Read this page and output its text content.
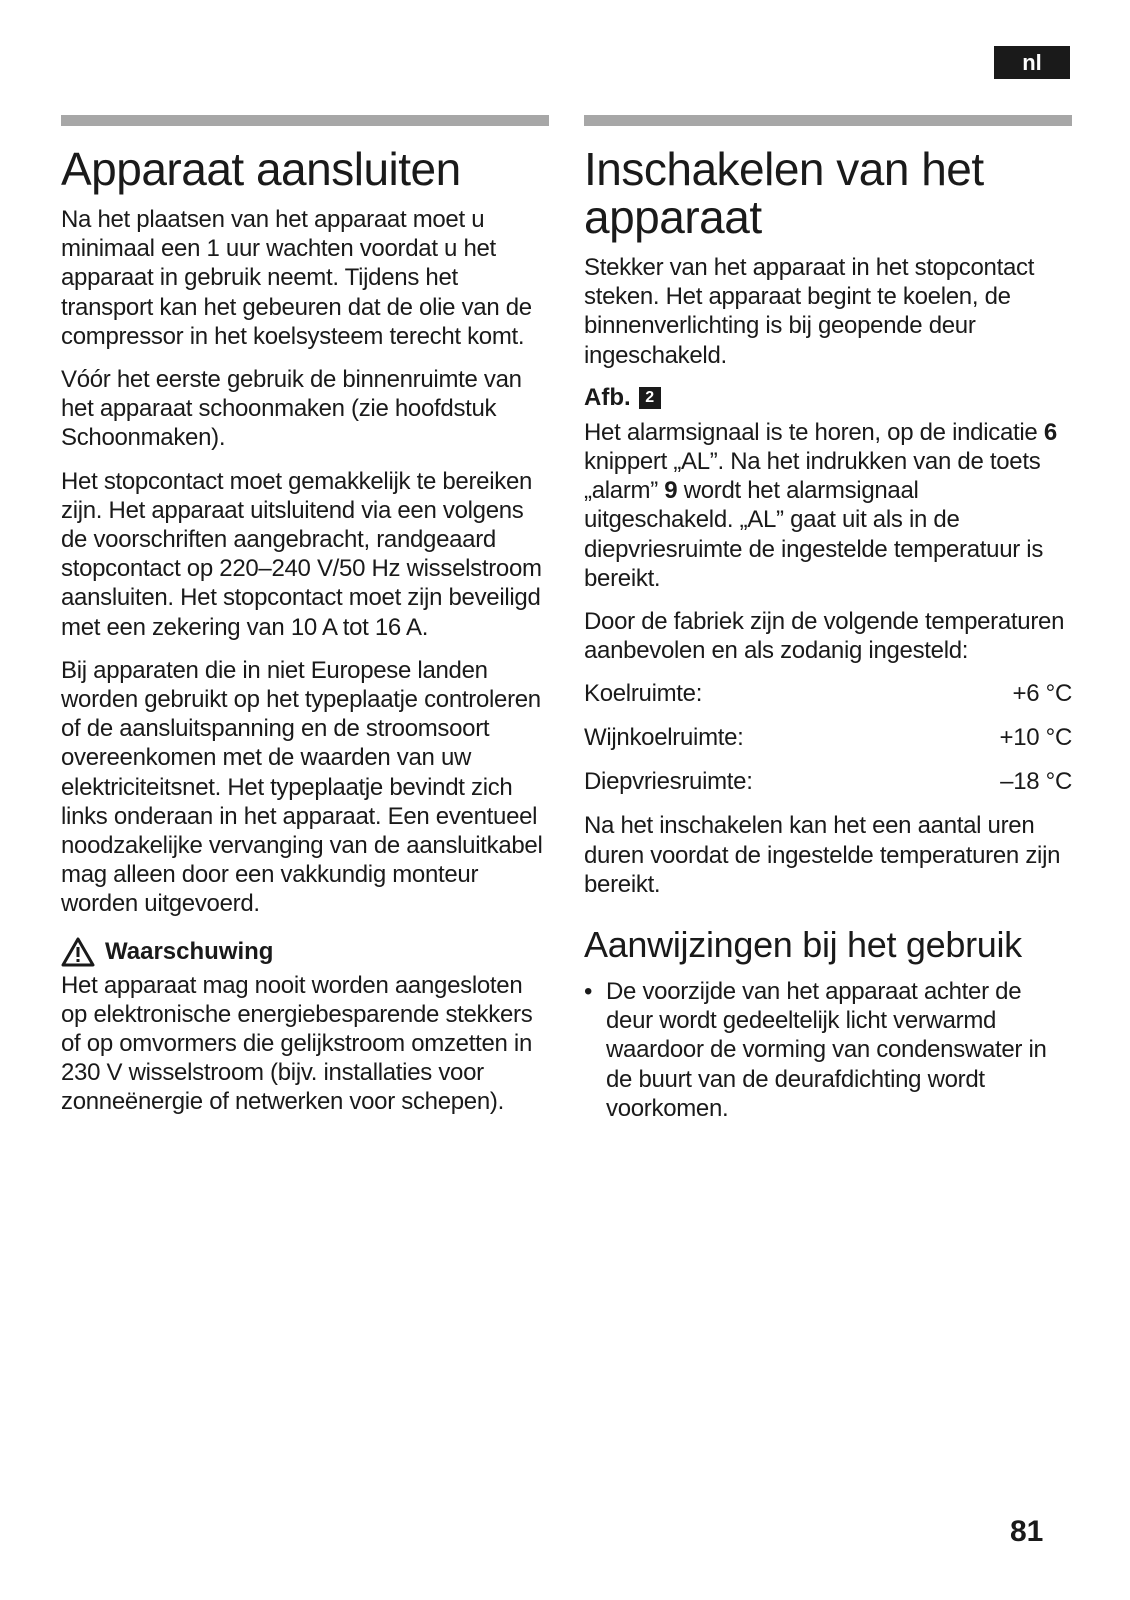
nl
Apparaat aansluiten

Na het plaatsen van het apparaat moet u minimaal een 1 uur wachten voordat u het apparaat in gebruik neemt. Tijdens het transport kan het gebeuren dat de olie van de compressor in het koelsysteem terecht komt.

Vóór het eerste gebruik de binnenruimte van het apparaat schoonmaken (zie hoofdstuk Schoonmaken).

Het stopcontact moet gemakkelijk te bereiken zijn. Het apparaat uitsluitend via een volgens de voorschriften aangebracht, randgeaard stopcontact op 220–240 V/50 Hz wisselstroom aansluiten. Het stopcontact moet zijn beveiligd met een zekering van 10 A tot 16 A.

Bij apparaten die in niet Europese landen worden gebruikt op het typeplaatje controleren of de aansluitspanning en de stroomsoort overeenkomen met de waarden van uw elektriciteitsnet. Het typeplaatje bevindt zich links onderaan in het apparaat. Een eventueel noodzakelijke vervanging van de aansluitkabel mag alleen door een vakkundig monteur worden uitgevoerd.

Waarschuwing

Het apparaat mag nooit worden aangesloten op elektronische energiebesparende stekkers of op omvormers die gelijkstroom omzetten in 230 V wisselstroom (bijv. installaties voor zonneënergie of netwerken voor schepen).

Inschakelen van het apparaat

Stekker van het apparaat in het stopcontact steken. Het apparaat begint te koelen, de binnenverlichting is bij geopende deur ingeschakeld.

Afb. 2

Het alarmsignaal is te horen, op de indicatie 6 knippert „AL”. Na het indrukken van de toets „alarm” 9 wordt het alarmsignaal uitgeschakeld. „AL” gaat uit als in de diepvriesruimte de ingestelde temperatuur is bereikt.

Door de fabriek zijn de volgende temperaturen aanbevolen en als zodanig ingesteld:

Koelruimte:	+6 °C
Wijnkoelruimte:	+10 °C
Diepvriesruimte:	–18 °C

Na het inschakelen kan het een aantal uren duren voordat de ingestelde temperaturen zijn bereikt.

Aanwijzingen bij het gebruik
• De voorzijde van het apparaat achter de deur wordt gedeeltelijk licht verwarmd waardoor de vorming van condenswater in de buurt van de deurafdichting wordt voorkomen.
81
